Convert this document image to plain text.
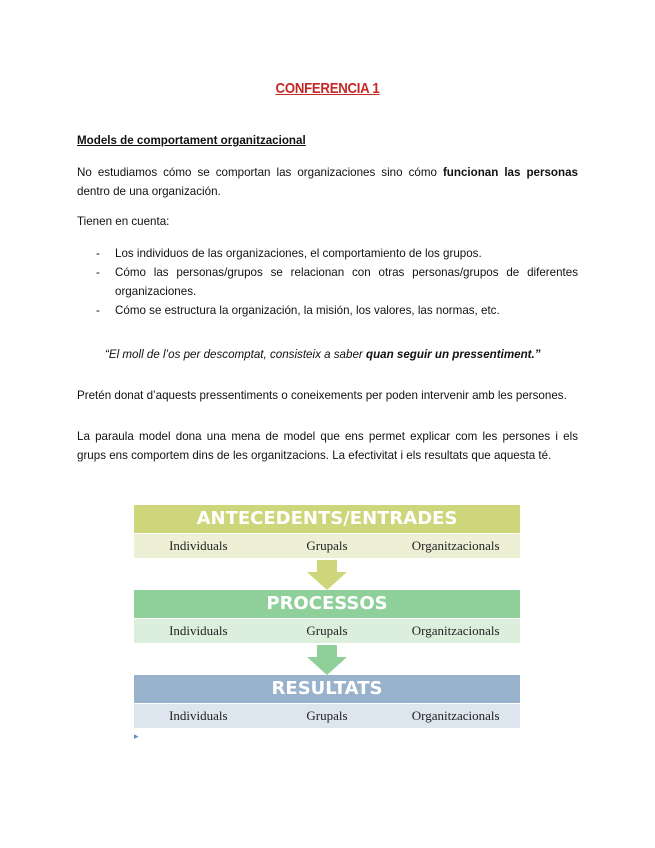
CONFERENCIA 1
Models de comportament organitzacional
No estudiamos cómo se comportan las organizaciones sino cómo funcionan las personas dentro de una organización.
Tienen en cuenta:
- Los individuos de las organizaciones, el comportamiento de los grupos.
- Cómo las personas/grupos se relacionan con otras personas/grupos de diferentes organizaciones.
- Cómo se estructura la organización, la misión, los valores, las normas, etc.
“El moll de l’os per descomptat, consisteix a saber quan seguir un pressentiment.”
Pretén donat d’aquests pressentiments o coneixements per poden intervenir amb les persones.
La paraula model dona una mena de model que ens permet explicar com les persones i els grups ens comportem dins de les organitzacions. La efectivitat i els resultats que aquesta té.
ANTECEDENTS/ENTRADES
Individuals	Grupals	Organitzacionals
PROCESSOS
Individuals	Grupals	Organitzacionals
RESULTATS
Individuals	Grupals	Organitzacionals
▸
